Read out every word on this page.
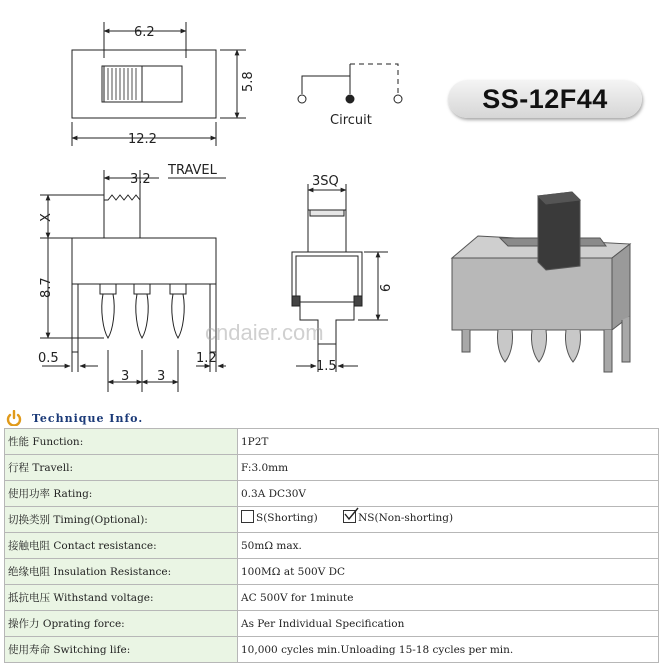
6.2
5.8
12.2
Circuit
3.2
TRAVEL
X
8.7
0.5
3 3
1.2
3SQ
6
1.5
SS-12F44
cndaier.com
Technique Info.
性能 Function:	1P2T
行程 Travell:	F:3.0mm
使用功率 Rating:	0.3A DC30V
切换类别 Timing(Optional):	S(Shorting)
NS(Non-shorting)

接触电阻 Contact resistance:	50mΩ max.
绝缘电阻 Insulation Resistance:	100MΩ at 500V DC
抵抗电压 Withstand voltage:	AC 500V for 1minute
操作力 Oprating force:	As Per Individual Specification
使用寿命 Switching life:	10,000 cycles min.Unloading 15-18 cycles per min.
